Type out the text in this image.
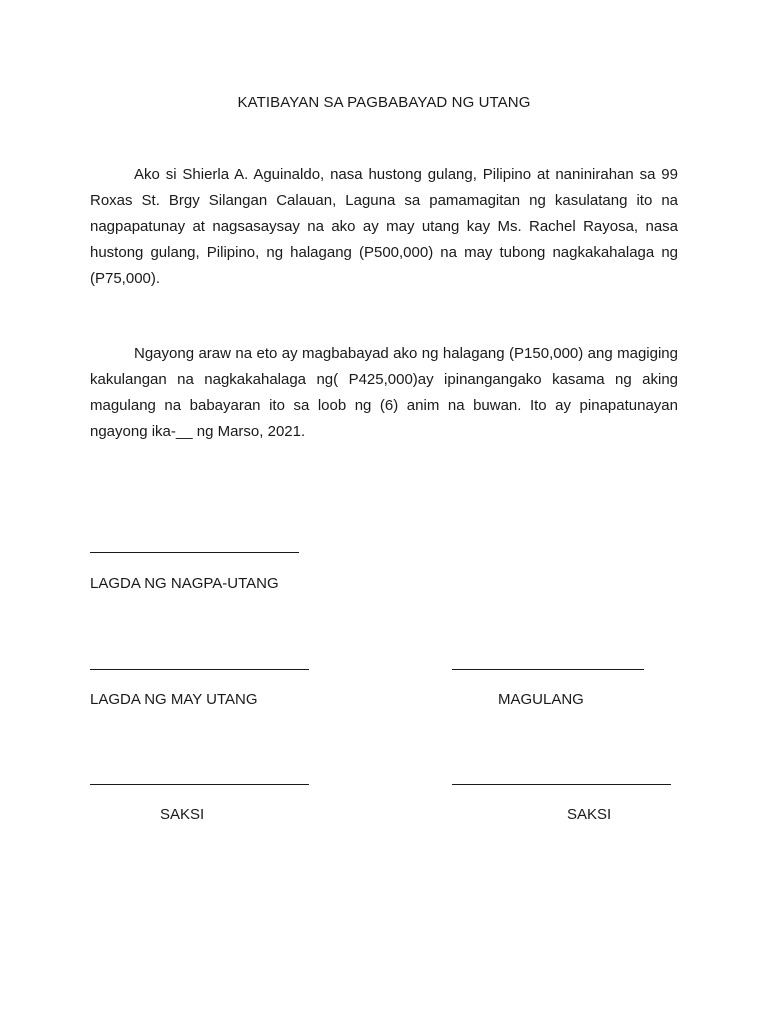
KATIBAYAN SA PAGBABAYAD NG UTANG

Ako si Shierla A. Aguinaldo, nasa hustong gulang, Pilipino at naninirahan sa 99 Roxas St. Brgy Silangan Calauan, Laguna sa pamamagitan ng kasulatang ito na nagpapatunay at nagsasaysay na ako ay may utang kay Ms. Rachel Rayosa, nasa hustong gulang, Pilipino, ng halagang (P500,000) na may tubong nagkakahalaga ng (P75,000).

Ngayong araw na eto ay magbabayad ako ng halagang (P150,000) ang magiging kakulangan na nagkakahalaga ng( P425,000)ay ipinangangako kasama ng aking magulang na babayaran ito sa loob ng (6) anim na buwan. Ito ay pinapatunayan ngayong ika-__ ng Marso, 2021.

LAGDA NG NAGPA-UTANG
LAGDA NG MAY UTANG	MAGULANG
SAKSI	SAKSI
